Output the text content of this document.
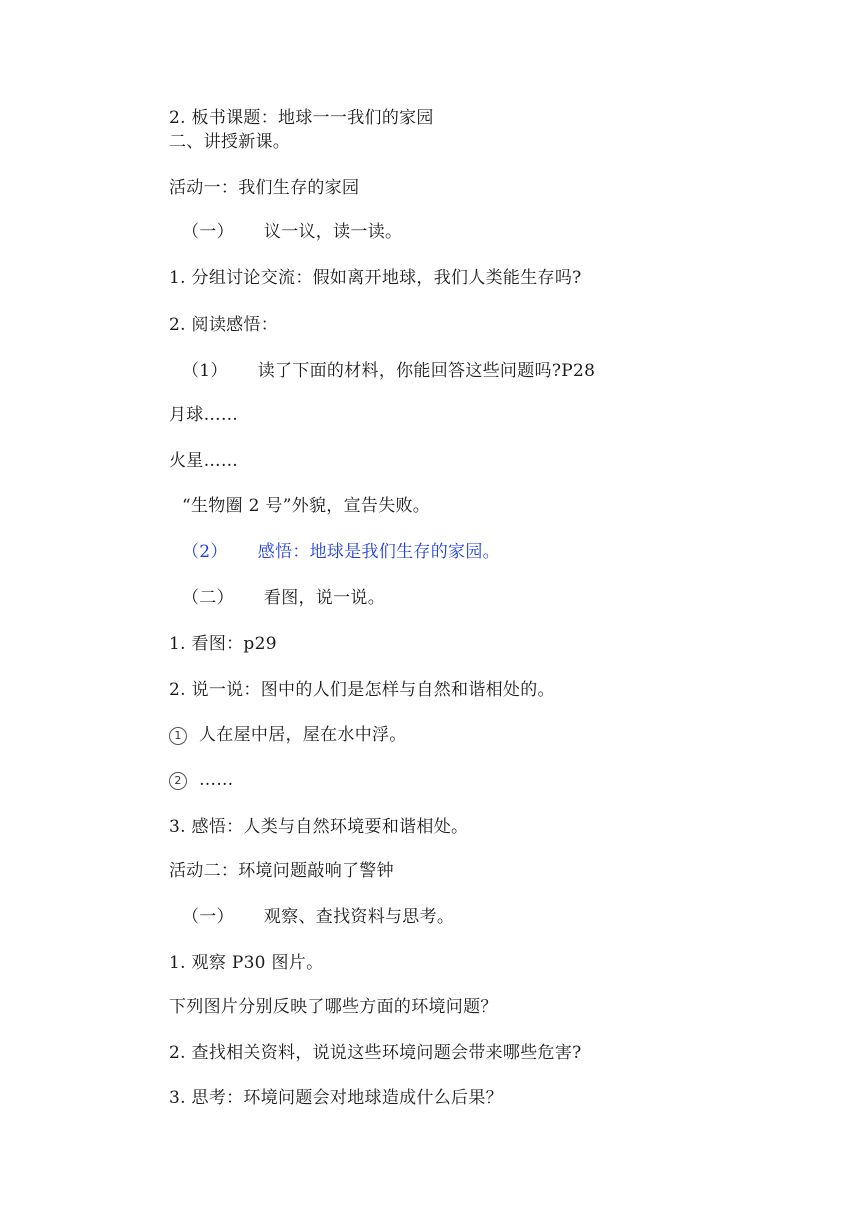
2. 板书课题：地球一一我们的家园
二、讲授新课。
活动一：我们生存的家园
（一） 议一议，读一读。
1. 分组讨论交流：假如离开地球，我们人类能生存吗?
2. 阅读感悟：
（1） 读了下面的材料，你能回答这些问题吗?P28
月球……
火星……
“生物圈 2 号”外貌，宣告失败。
（2） 感悟：地球是我们生存的家园。
（二） 看图，说一说。
1. 看图：p29
2. 说一说：图中的人们是怎样与自然和谐相处的。
1 人在屋中居，屋在水中浮。
2 ……
3. 感悟：人类与自然环境要和谐相处。
活动二：环境问题敲响了警钟
（一） 观察、查找资料与思考。
1. 观察 P30 图片。
下列图片分别反映了哪些方面的环境问题？
2. 查找相关资料，说说这些环境问题会带来哪些危害?
3. 思考：环境问题会对地球造成什么后果？
